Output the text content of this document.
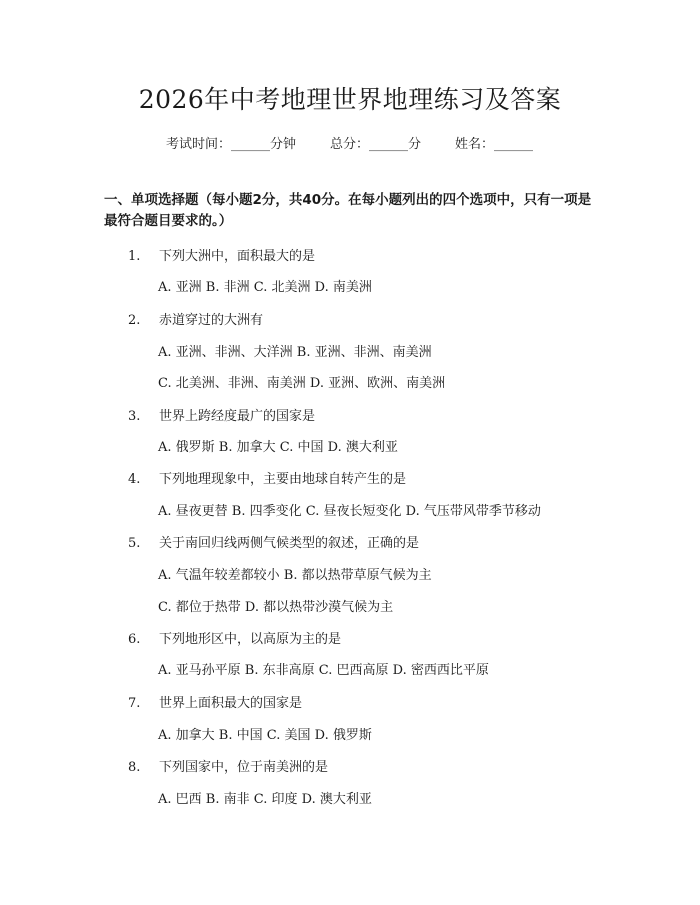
2026年中考地理世界地理练习及答案
考试时间：______分钟	总分：______分	姓名：______
一、单项选择题（每小题2分，共40分。在每小题列出的四个选项中，只有一项是最符合题目要求的。）
1. 下列大洲中，面积最大的是
A. 亚洲 B. 非洲 C. 北美洲 D. 南美洲
2. 赤道穿过的大洲有
A. 亚洲、非洲、大洋洲 B. 亚洲、非洲、南美洲
C. 北美洲、非洲、南美洲 D. 亚洲、欧洲、南美洲
3. 世界上跨经度最广的国家是
A. 俄罗斯 B. 加拿大 C. 中国 D. 澳大利亚
4. 下列地理现象中，主要由地球自转产生的是
A. 昼夜更替 B. 四季变化 C. 昼夜长短变化 D. 气压带风带季节移动
5. 关于南回归线两侧气候类型的叙述，正确的是
A. 气温年较差都较小 B. 都以热带草原气候为主
C. 都位于热带 D. 都以热带沙漠气候为主
6. 下列地形区中，以高原为主的是
A. 亚马孙平原 B. 东非高原 C. 巴西高原 D. 密西西比平原
7. 世界上面积最大的国家是
A. 加拿大 B. 中国 C. 美国 D. 俄罗斯
8. 下列国家中，位于南美洲的是
A. 巴西 B. 南非 C. 印度 D. 澳大利亚
